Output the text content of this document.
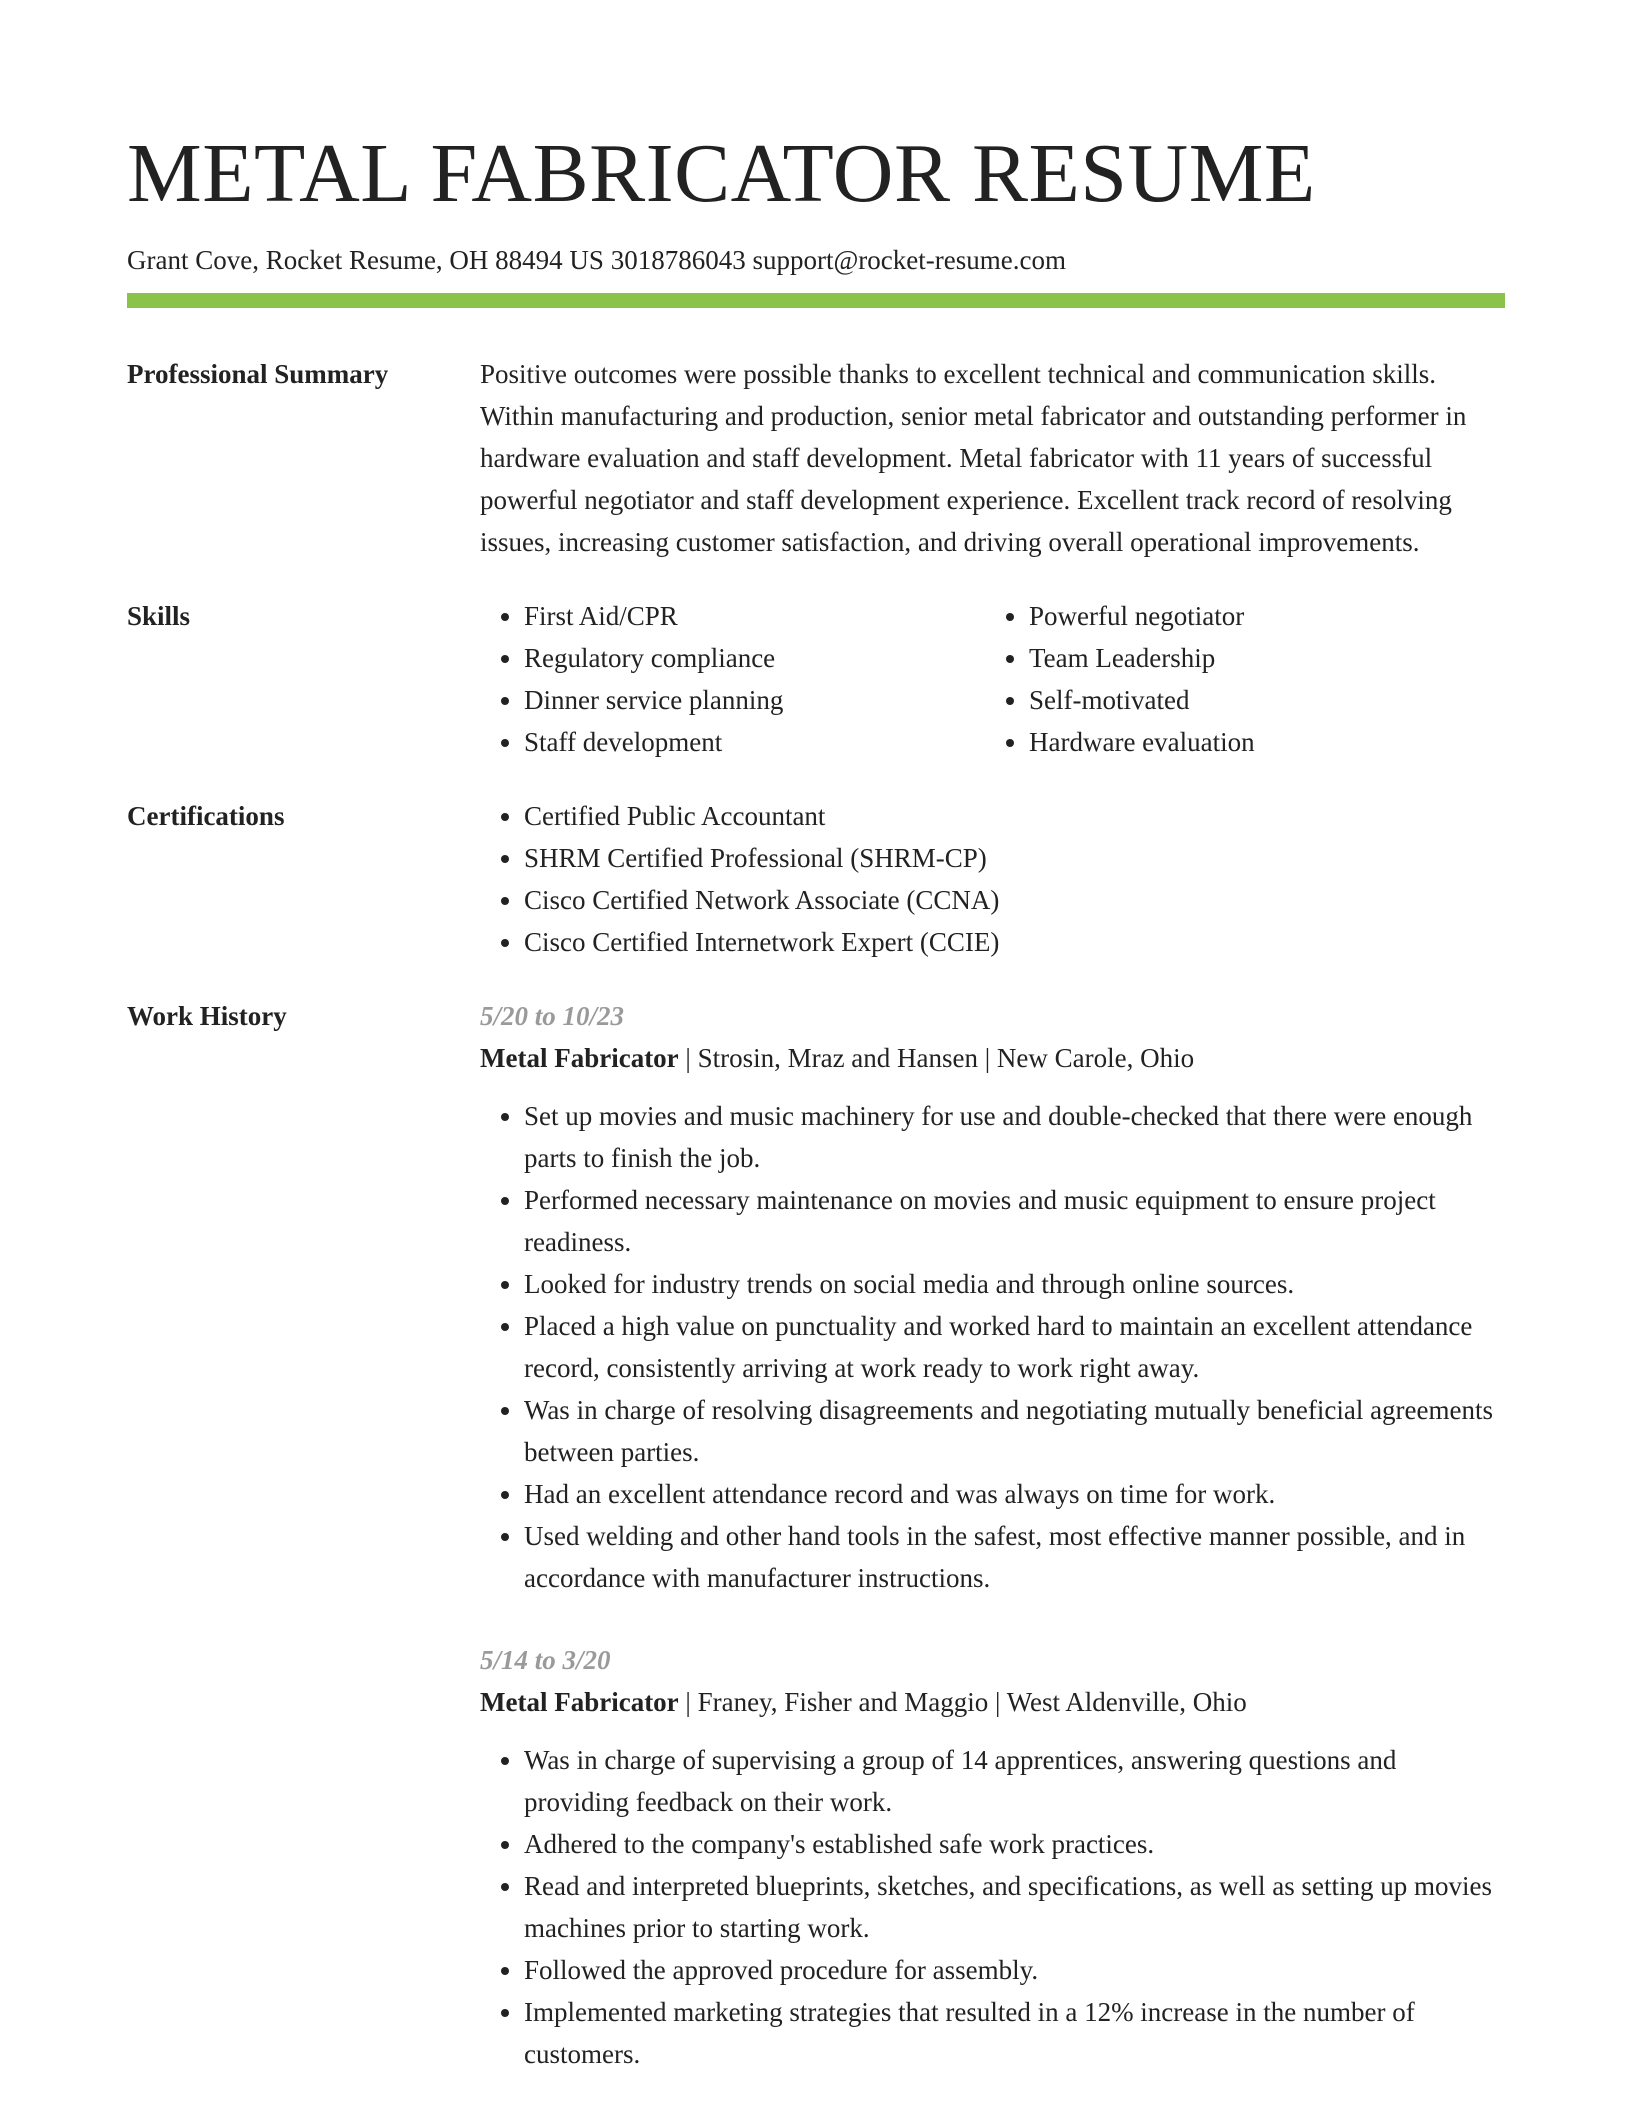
METAL FABRICATOR RESUME
Grant Cove, Rocket Resume, OH 88494 US 3018786043 support@rocket-resume.com
Professional Summary	Positive outcomes were possible thanks to excellent technical and communication skills. Within manufacturing and production, senior metal fabricator and outstanding performer in hardware evaluation and staff development. Metal fabricator with 11 years of successful powerful negotiator and staff development experience. Excellent track record of resolving issues, increasing customer satisfaction, and driving overall operational improvements.
Skills	• First Aid/CPR
• Regulatory compliance
• Dinner service planning
• Staff development
• Powerful negotiator
• Team Leadership
• Self-motivated
• Hardware evaluation
Certifications	• Certified Public Accountant
• SHRM Certified Professional (SHRM-CP)
• Cisco Certified Network Associate (CCNA)
• Cisco Certified Internetwork Expert (CCIE)
Work History	5/20 to 10/23
Metal Fabricator | Strosin, Mraz and Hansen | New Carole, Ohio
• Set up movies and music machinery for use and double-checked that there were enough parts to finish the job.
• Performed necessary maintenance on movies and music equipment to ensure project readiness.
• Looked for industry trends on social media and through online sources.
• Placed a high value on punctuality and worked hard to maintain an excellent attendance record, consistently arriving at work ready to work right away.
• Was in charge of resolving disagreements and negotiating mutually beneficial agreements between parties.
• Had an excellent attendance record and was always on time for work.
• Used welding and other hand tools in the safest, most effective manner possible, and in accordance with manufacturer instructions.
5/14 to 3/20
Metal Fabricator | Franey, Fisher and Maggio | West Aldenville, Ohio
• Was in charge of supervising a group of 14 apprentices, answering questions and providing feedback on their work.
• Adhered to the company's established safe work practices.
• Read and interpreted blueprints, sketches, and specifications, as well as setting up movies machines prior to starting work.
• Followed the approved procedure for assembly.
• Implemented marketing strategies that resulted in a 12% increase in the number of customers.
